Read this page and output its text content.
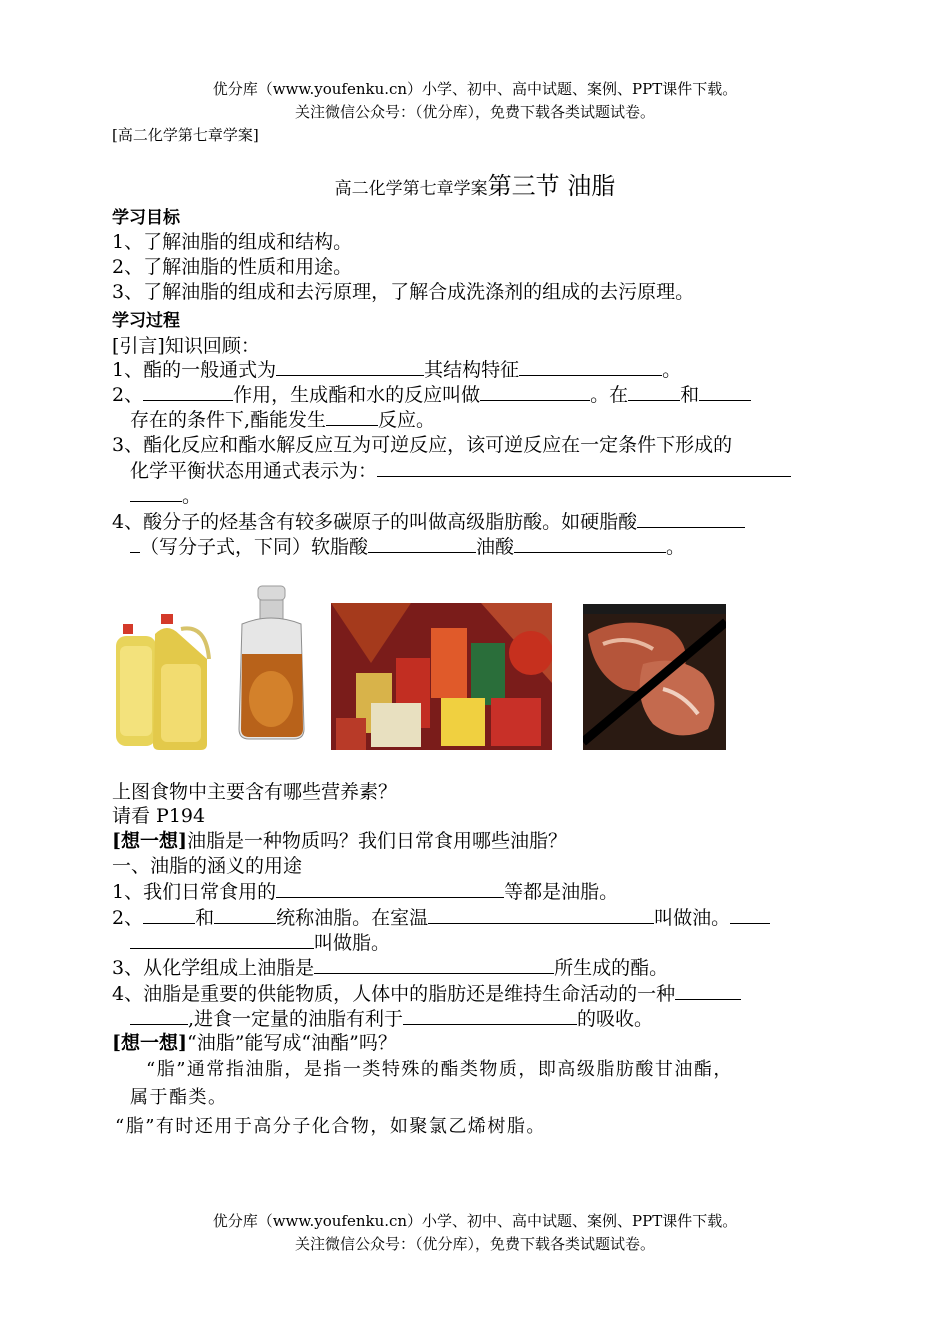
优分库（www.youfenku.cn）小学、初中、高中试题、案例、PPT课件下载。
关注微信公众号：（优分库），免费下载各类试题试卷。
[高二化学第七章学案]
高二化学第七章学案第三节 油脂
学习目标
1、了解油脂的组成和结构。
2、了解油脂的性质和用途。
3、了解油脂的组成和去污原理，了解合成洗涤剂的组成的去污原理。
学习过程
[引言]知识回顾：
1、酯的一般通式为	其结构特征	。
2、	作用，生成酯和水的反应叫做	。在	和
存在的条件下,酯能发生	反应。
3、酯化反应和酯水解反应互为可逆反应，该可逆反应在一定条件下形成的
化学平衡状态用通式表示为：
。
4、酸分子的烃基含有较多碳原子的叫做高级脂肪酸。如硬脂酸
（写分子式，下同）软脂酸	油酸	。
上图食物中主要含有哪些营养素？
请看 P194
[想一想]油脂是一种物质吗？我们日常食用哪些油脂？
一、油脂的涵义的用途
1、我们日常食用的	等都是油脂。
2、	和	统称油脂。在室温	叫做油。
叫做脂。
3、从化学组成上油脂是	所生成的酯。
4、油脂是重要的供能物质，人体中的脂肪还是维持生命活动的一种
,进食一定量的油脂有利于	的吸收。
[想一想]“油脂”能写成“油酯”吗？
“脂”通常指油脂，是指一类特殊的酯类物质，即高级脂肪酸甘油酯，
属于酯类。
“脂”有时还用于高分子化合物，如聚氯乙烯树脂。
优分库（www.youfenku.cn）小学、初中、高中试题、案例、PPT课件下载。
关注微信公众号：（优分库），免费下载各类试题试卷。
